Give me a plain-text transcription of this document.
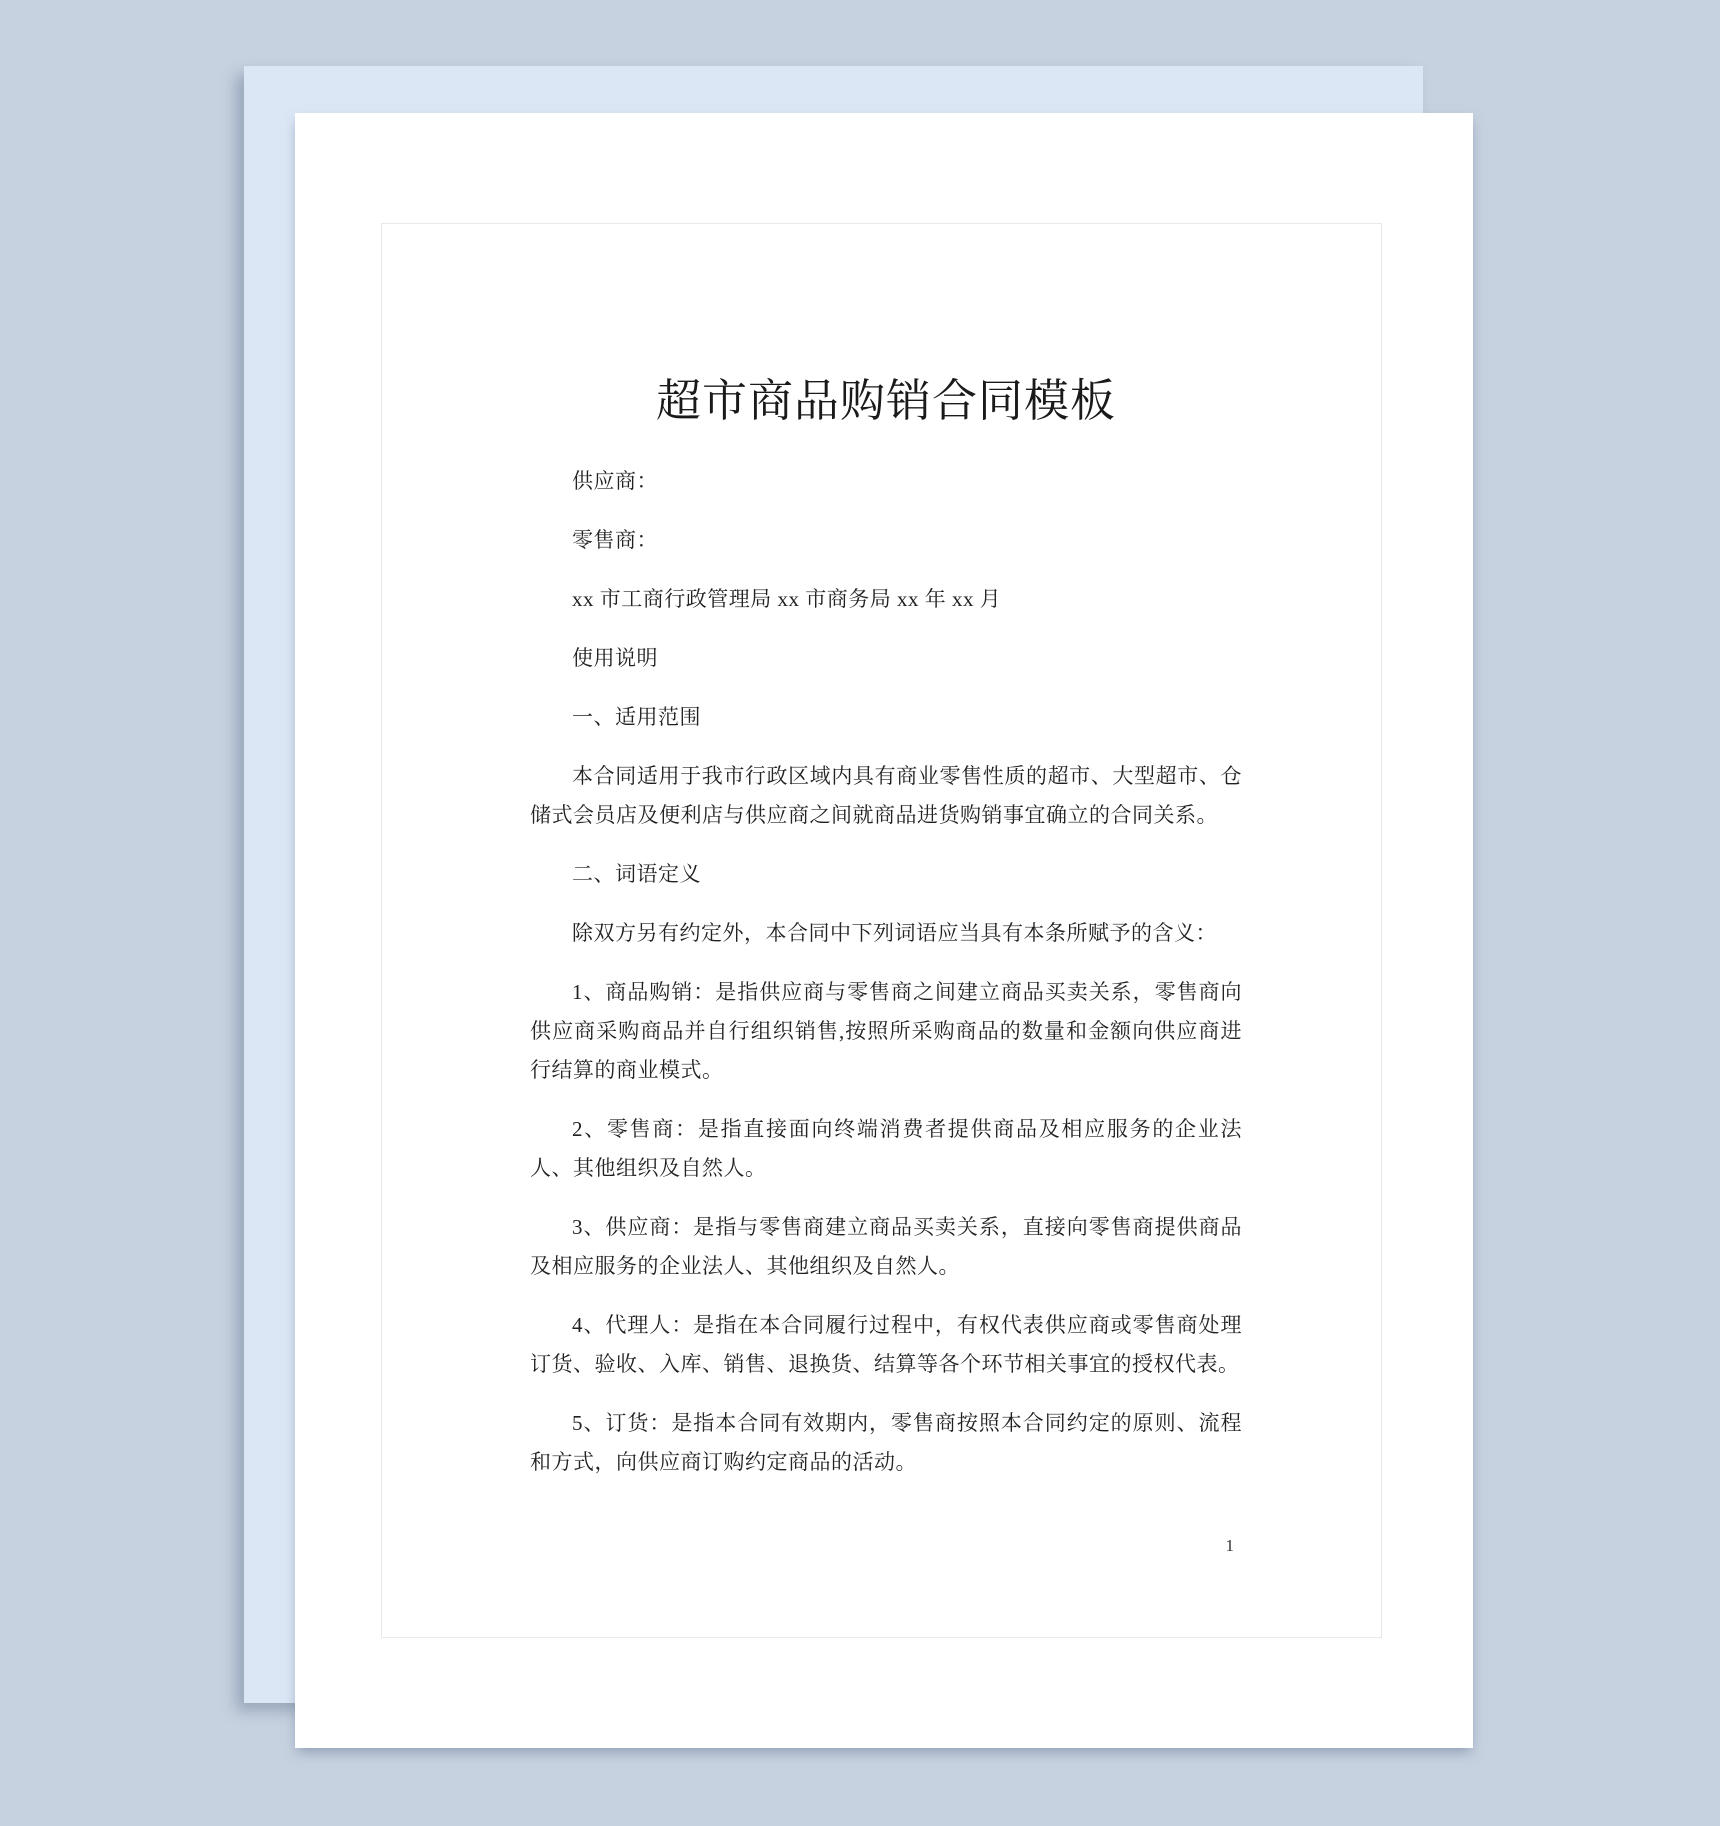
超市商品购销合同模板

供应商：

零售商：

xx 市工商行政管理局 xx 市商务局 xx 年 xx 月

使用说明

一、适用范围

本合同适用于我市行政区域内具有商业零售性质的超市、大型超市、仓储式会员店及便利店与供应商之间就商品进货购销事宜确立的合同关系。

二、词语定义

除双方另有约定外，本合同中下列词语应当具有本条所赋予的含义：

1、商品购销：是指供应商与零售商之间建立商品买卖关系，零售商向供应商采购商品并自行组织销售,按照所采购商品的数量和金额向供应商进行结算的商业模式。

2、零售商：是指直接面向终端消费者提供商品及相应服务的企业法人、其他组织及自然人。

3、供应商：是指与零售商建立商品买卖关系，直接向零售商提供商品及相应服务的企业法人、其他组织及自然人。

4、代理人：是指在本合同履行过程中，有权代表供应商或零售商处理订货、验收、入库、销售、退换货、结算等各个环节相关事宜的授权代表。

5、订货：是指本合同有效期内，零售商按照本合同约定的原则、流程和方式，向供应商订购约定商品的活动。

1
